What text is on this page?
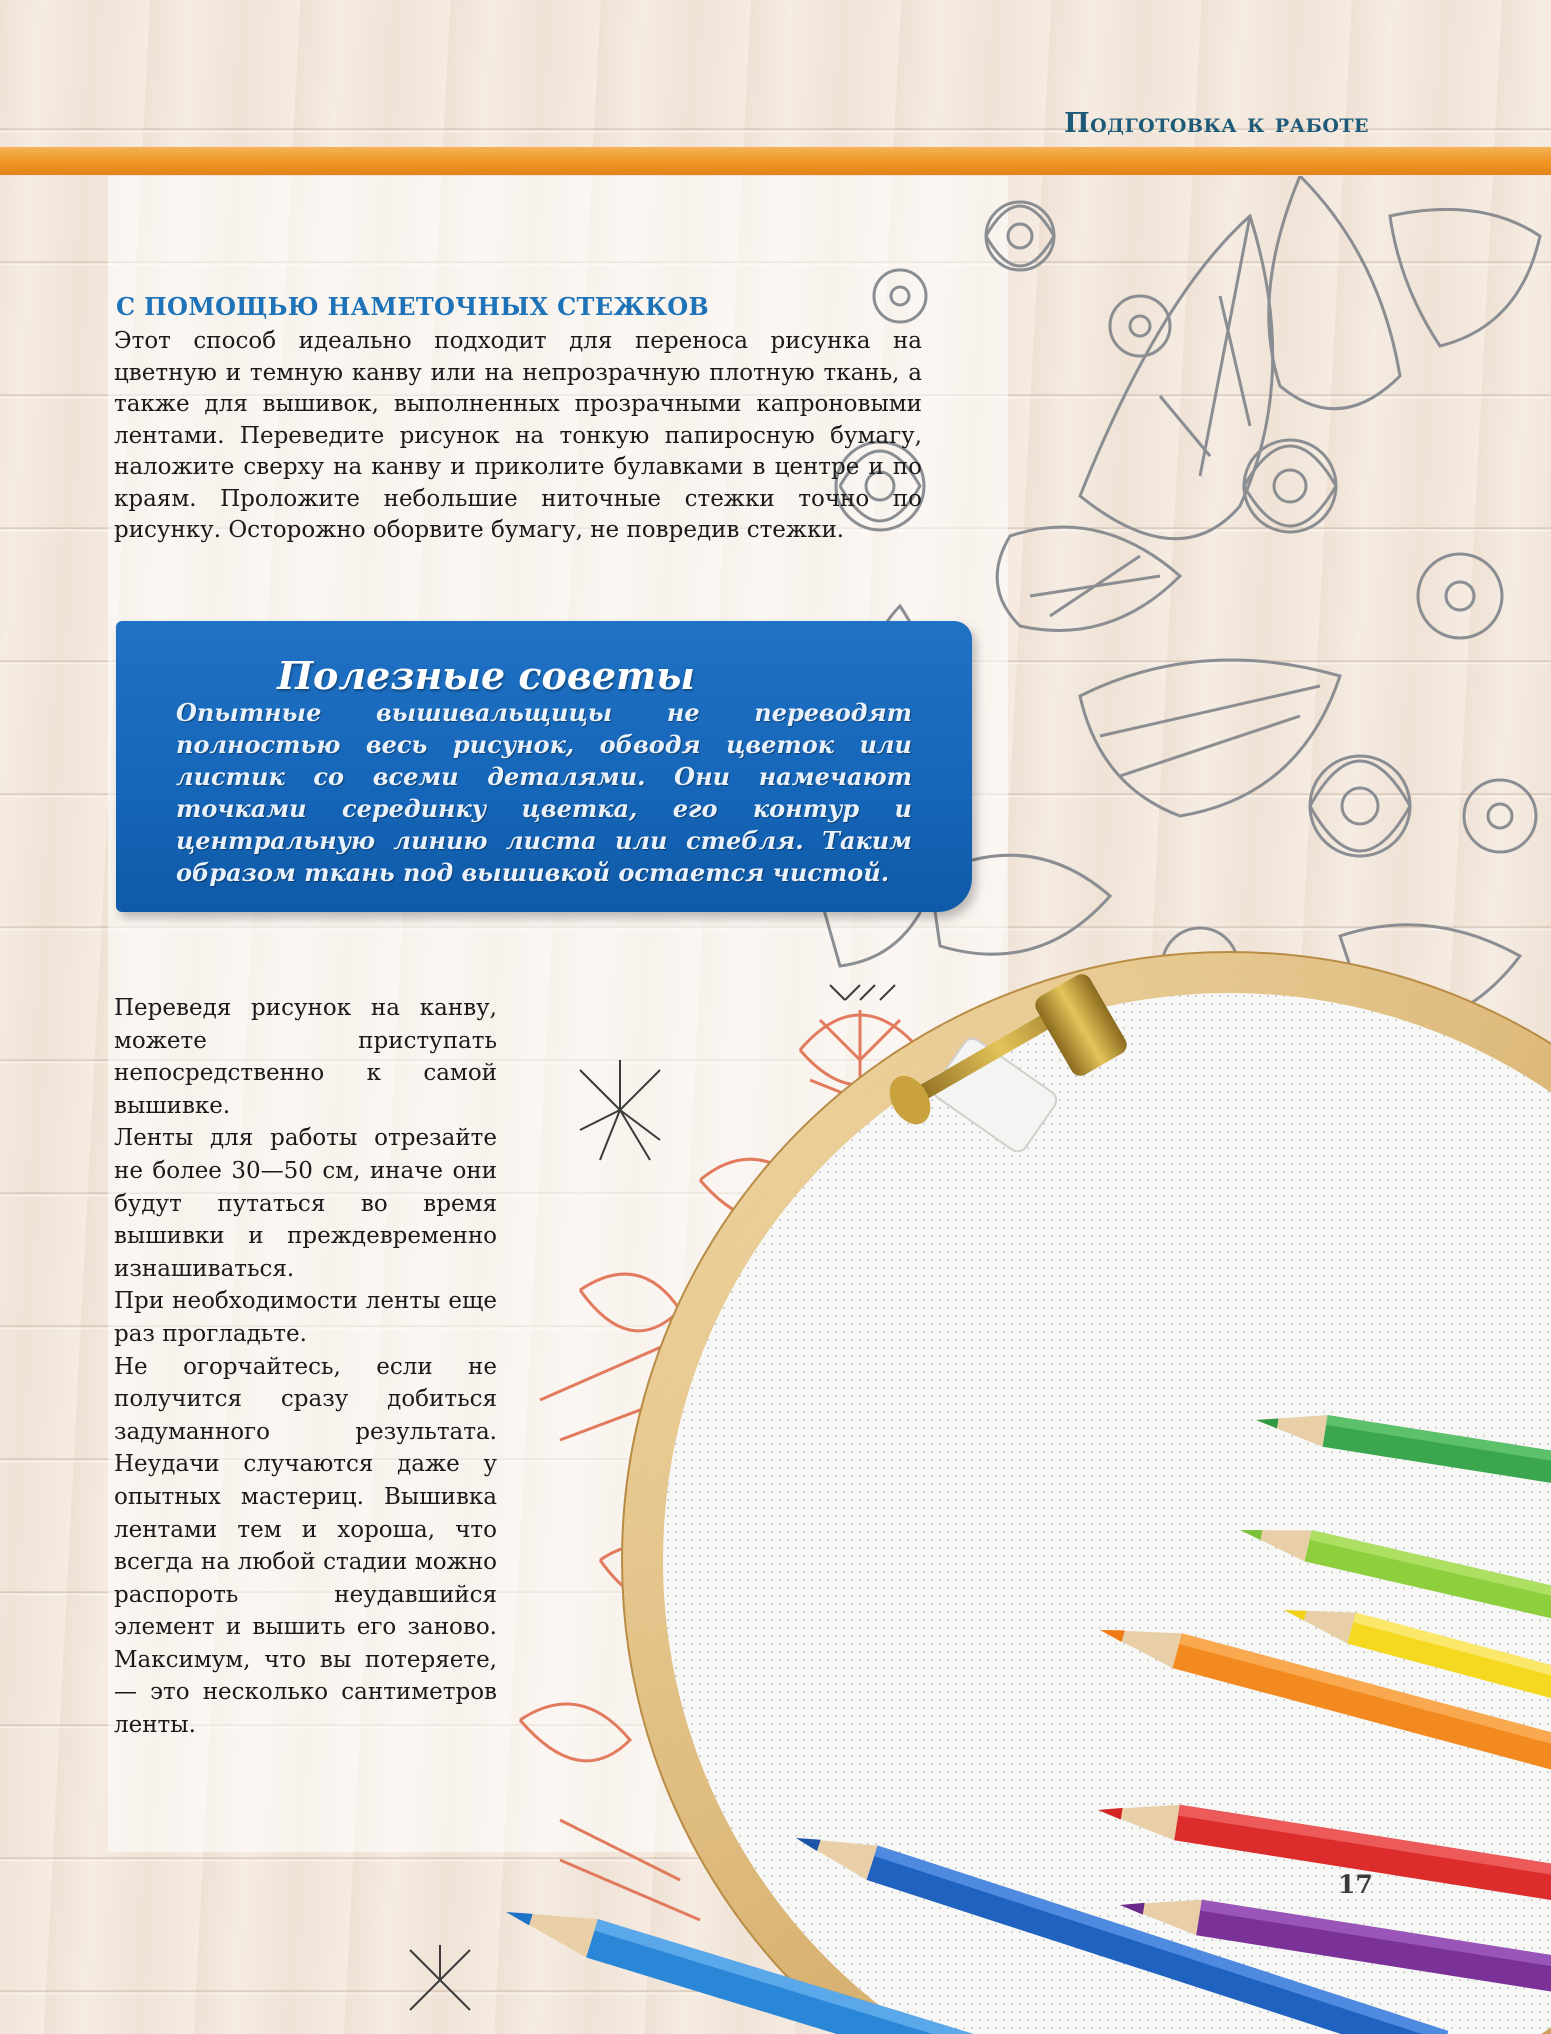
Подготовка к работе
С ПОМОЩЬЮ НАМЕТОЧНЫХ СТЕЖКОВ

Этот способ идеально подходит для переноса рисунка на цветную и темную канву или на непрозрачную плотную ткань, а также для вышивок, выполненных прозрачными капроновыми лентами. Переведите рисунок на тонкую папиросную бумагу, наложите сверху на канву и приколите булавками в центре и по краям. Проложите небольшие ниточные стежки точно по рисунку. Осторожно оборвите бумагу, не повредив стежки.

Полезные советы

Опытные вышивальщицы не переводят полностью весь рисунок, обводя цветок или листик со всеми деталями. Они намечают точками серединку цветка, его контур и центральную линию листа или стебля. Таким образом ткань под вышивкой остается чистой.

Переведя рисунок на канву, можете приступать непосредственно к самой вышивке.

Ленты для работы отрезайте не более 30—50 см, иначе они будут путаться во время вышивки и преждевременно изнашиваться.

При необходимости ленты еще раз прогладьте.

Не огорчайтесь, если не получится сразу добиться задуманного результата. Неудачи случаются даже у опытных мастериц. Вышивка лентами тем и хороша, что всегда на любой стадии можно распороть неудавшийся элемент и вышить его заново. Максимум, что вы потеряете, — это несколько сантиметров ленты.

17
